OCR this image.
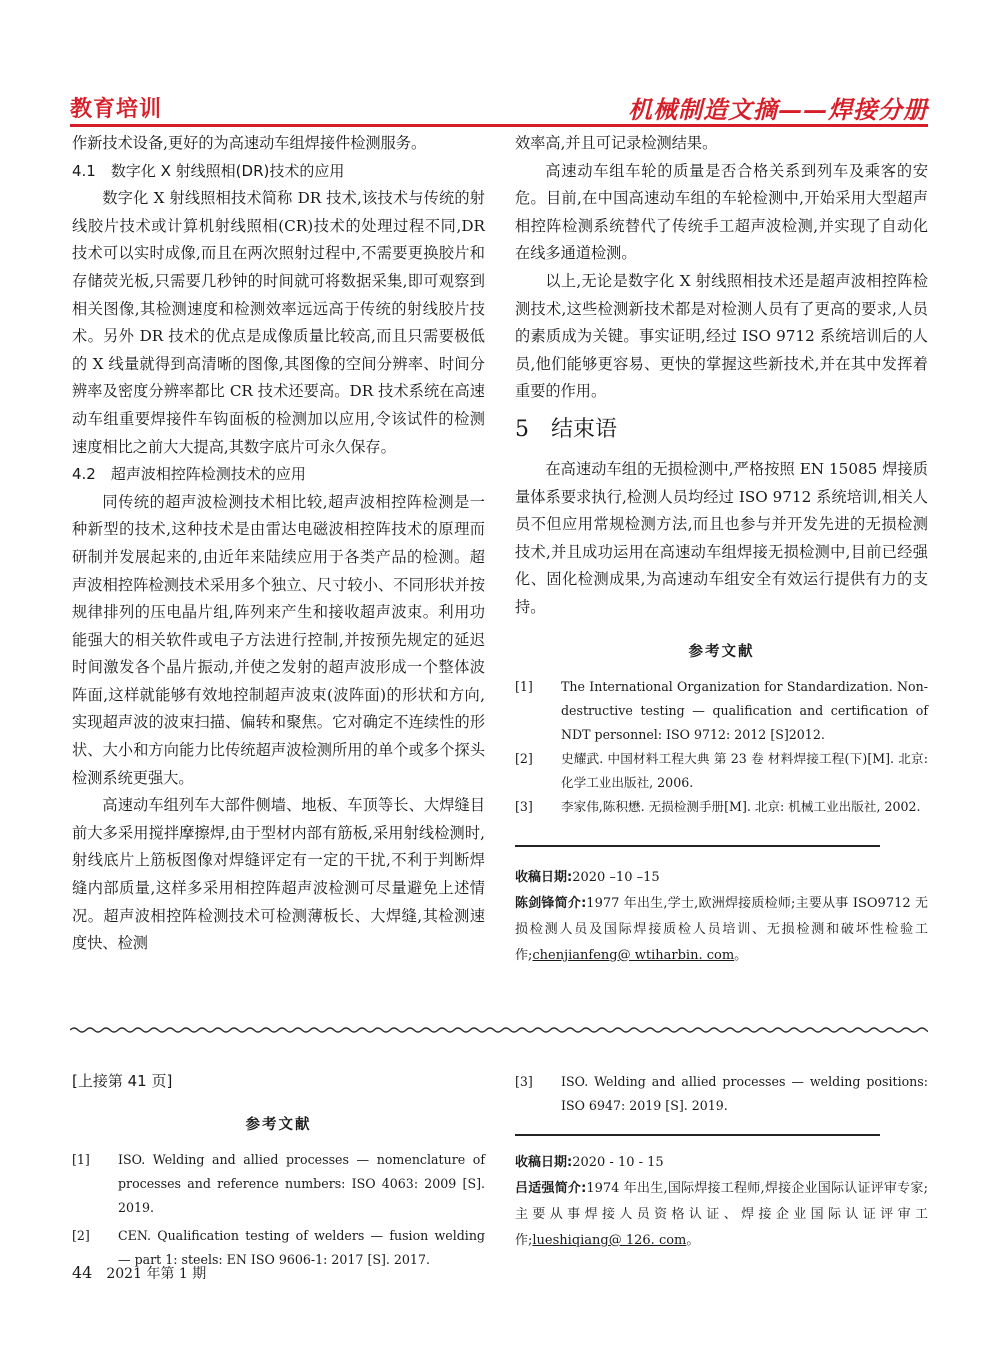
教育培训	机械制造文摘——焊接分册

作新技术设备,更好的为高速动车组焊接件检测服务。

4.1　数字化 X 射线照相(DR)技术的应用

数字化 X 射线照相技术简称 DR 技术,该技术与传统的射线胶片技术或计算机射线照相(CR)技术的处理过程不同,DR 技术可以实时成像,而且在两次照射过程中,不需要更换胶片和存储荧光板,只需要几秒钟的时间就可将数据采集,即可观察到相关图像,其检测速度和检测效率远远高于传统的射线胶片技术。另外 DR 技术的优点是成像质量比较高,而且只需要极低的 X 线量就得到高清晰的图像,其图像的空间分辨率、时间分辨率及密度分辨率都比 CR 技术还要高。DR 技术系统在高速动车组重要焊接件车钩面板的检测加以应用,令该试件的检测速度相比之前大大提高,其数字底片可永久保存。

4.2　超声波相控阵检测技术的应用

同传统的超声波检测技术相比较,超声波相控阵检测是一种新型的技术,这种技术是由雷达电磁波相控阵技术的原理而研制并发展起来的,由近年来陆续应用于各类产品的检测。超声波相控阵检测技术采用多个独立、尺寸较小、不同形状并按规律排列的压电晶片组,阵列来产生和接收超声波束。利用功能强大的相关软件或电子方法进行控制,并按预先规定的延迟时间激发各个晶片振动,并使之发射的超声波形成一个整体波阵面,这样就能够有效地控制超声波束(波阵面)的形状和方向,实现超声波的波束扫描、偏转和聚焦。它对确定不连续性的形状、大小和方向能力比传统超声波检测所用的单个或多个探头检测系统更强大。

高速动车组列车大部件侧墙、地板、车顶等长、大焊缝目前大多采用搅拌摩擦焊,由于型材内部有筋板,采用射线检测时,射线底片上筋板图像对焊缝评定有一定的干扰,不利于判断焊缝内部质量,这样多采用相控阵超声波检测可尽量避免上述情况。超声波相控阵检测技术可检测薄板长、大焊缝,其检测速度快、检测

效率高,并且可记录检测结果。

高速动车组车轮的质量是否合格关系到列车及乘客的安危。目前,在中国高速动车组的车轮检测中,开始采用大型超声相控阵检测系统替代了传统手工超声波检测,并实现了自动化在线多通道检测。

以上,无论是数字化 X 射线照相技术还是超声波相控阵检测技术,这些检测新技术都是对检测人员有了更高的要求,人员的素质成为关键。事实证明,经过 ISO 9712 系统培训后的人员,他们能够更容易、更快的掌握这些新技术,并在其中发挥着重要的作用。

5　结束语

在高速动车组的无损检测中,严格按照 EN 15085 焊接质量体系要求执行,检测人员均经过 ISO 9712 系统培训,相关人员不但应用常规检测方法,而且也参与并开发先进的无损检测技术,并且成功运用在高速动车组焊接无损检测中,目前已经强化、固化检测成果,为高速动车组安全有效运行提供有力的支持。

参考文献
[1]	The International Organization for Standardization. Non-destructive testing — qualification and certification of NDT personnel: ISO 9712: 2012 [S]2012.
[2]	史耀武. 中国材料工程大典 第 23 卷 材料焊接工程(下)[M]. 北京: 化学工业出版社, 2006.
[3]	李家伟,陈积懋. 无损检测手册[M]. 北京: 机械工业出版社, 2002.

收稿日期:2020 –10 –15

陈剑锋简介:1977 年出生,学士,欧洲焊接质检师;主要从事 ISO9712 无损检测人员及国际焊接质检人员培训、无损检测和破坏性检验工作;chenjianfeng@ wtiharbin. com。

[上接第 41 页]

参考文献
[1]	ISO. Welding and allied processes — nomenclature of processes and reference numbers: ISO 4063: 2009 [S]. 2019.
[2]	CEN. Qualification testing of welders — fusion welding — part 1: steels: EN ISO 9606-1: 2017 [S]. 2017.
[3]	ISO. Welding and allied processes — welding positions: ISO 6947: 2019 [S]. 2019.

收稿日期:2020 - 10 - 15

吕适强简介:1974 年出生,国际焊接工程师,焊接企业国际认证评审专家;主要从事焊接人员资格认证、焊接企业国际认证评审工作;lueshiqiang@ 126. com。

44 2021 年第 1 期
